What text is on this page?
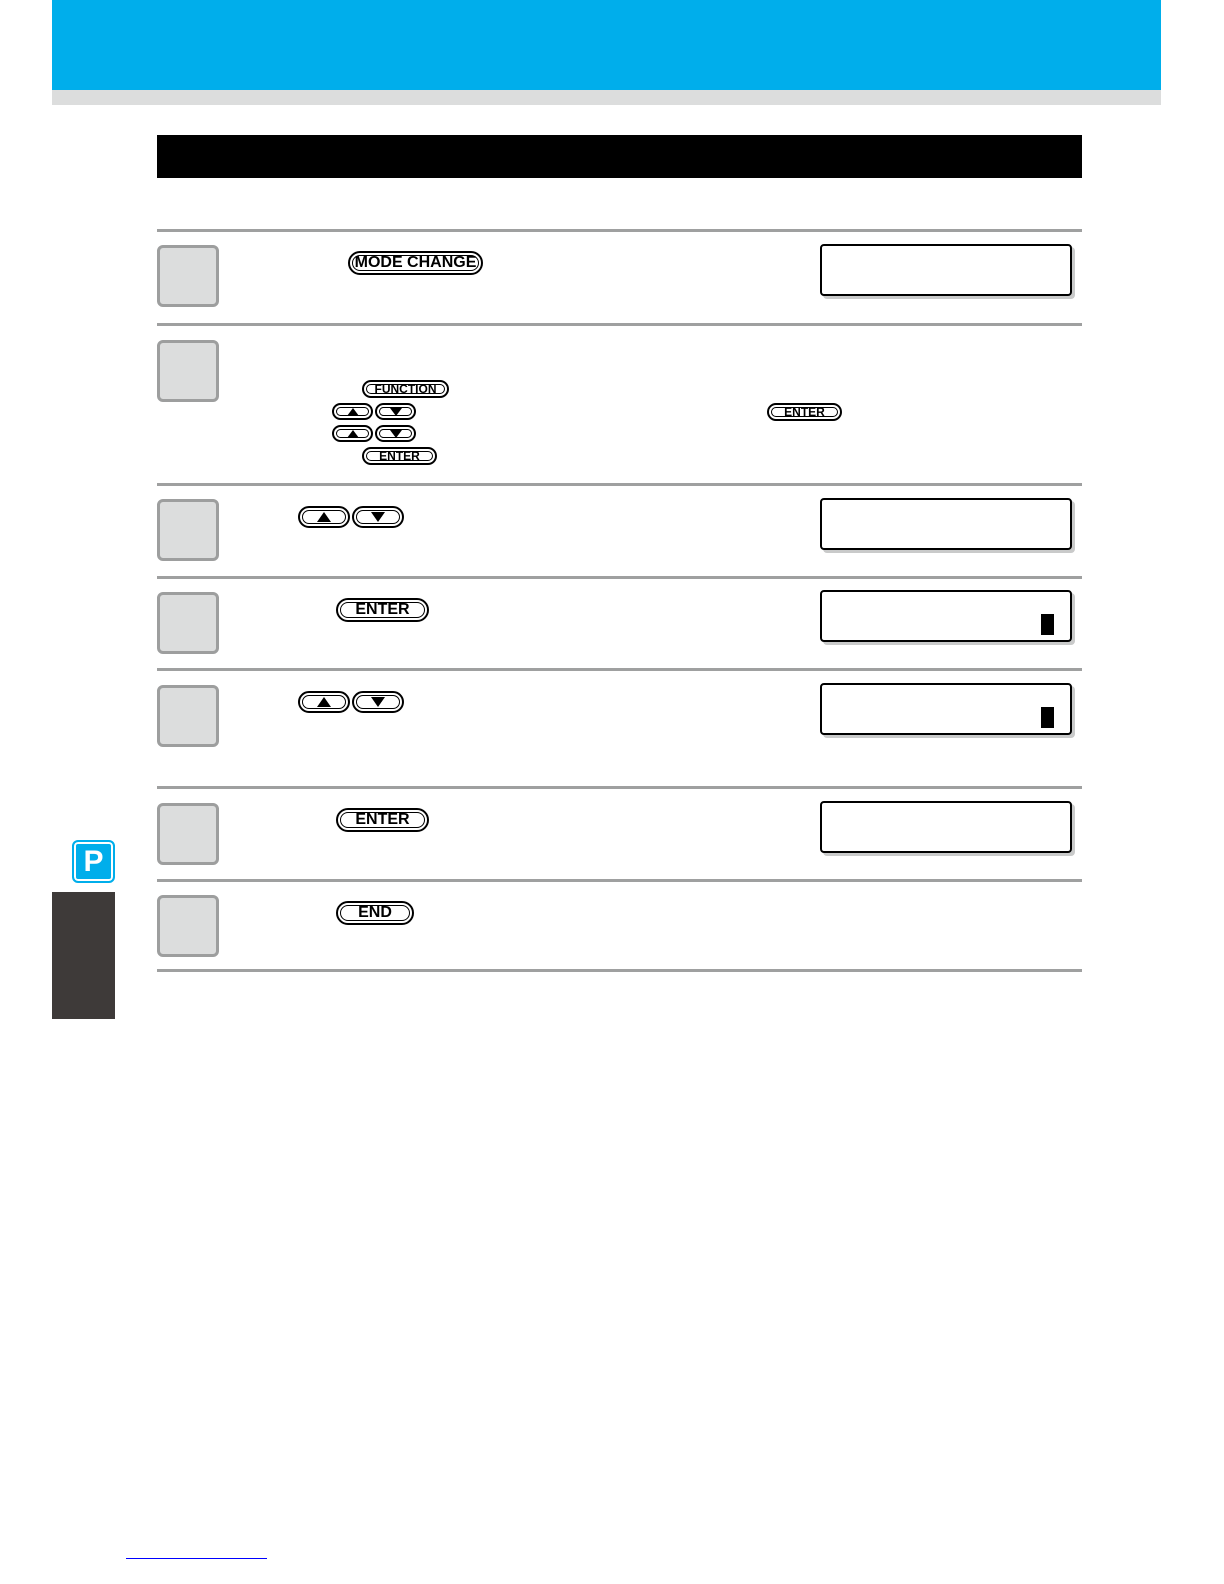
MODE CHANGE
FUNCTION
ENTER
ENTER
ENTER
ENTER
END
P
